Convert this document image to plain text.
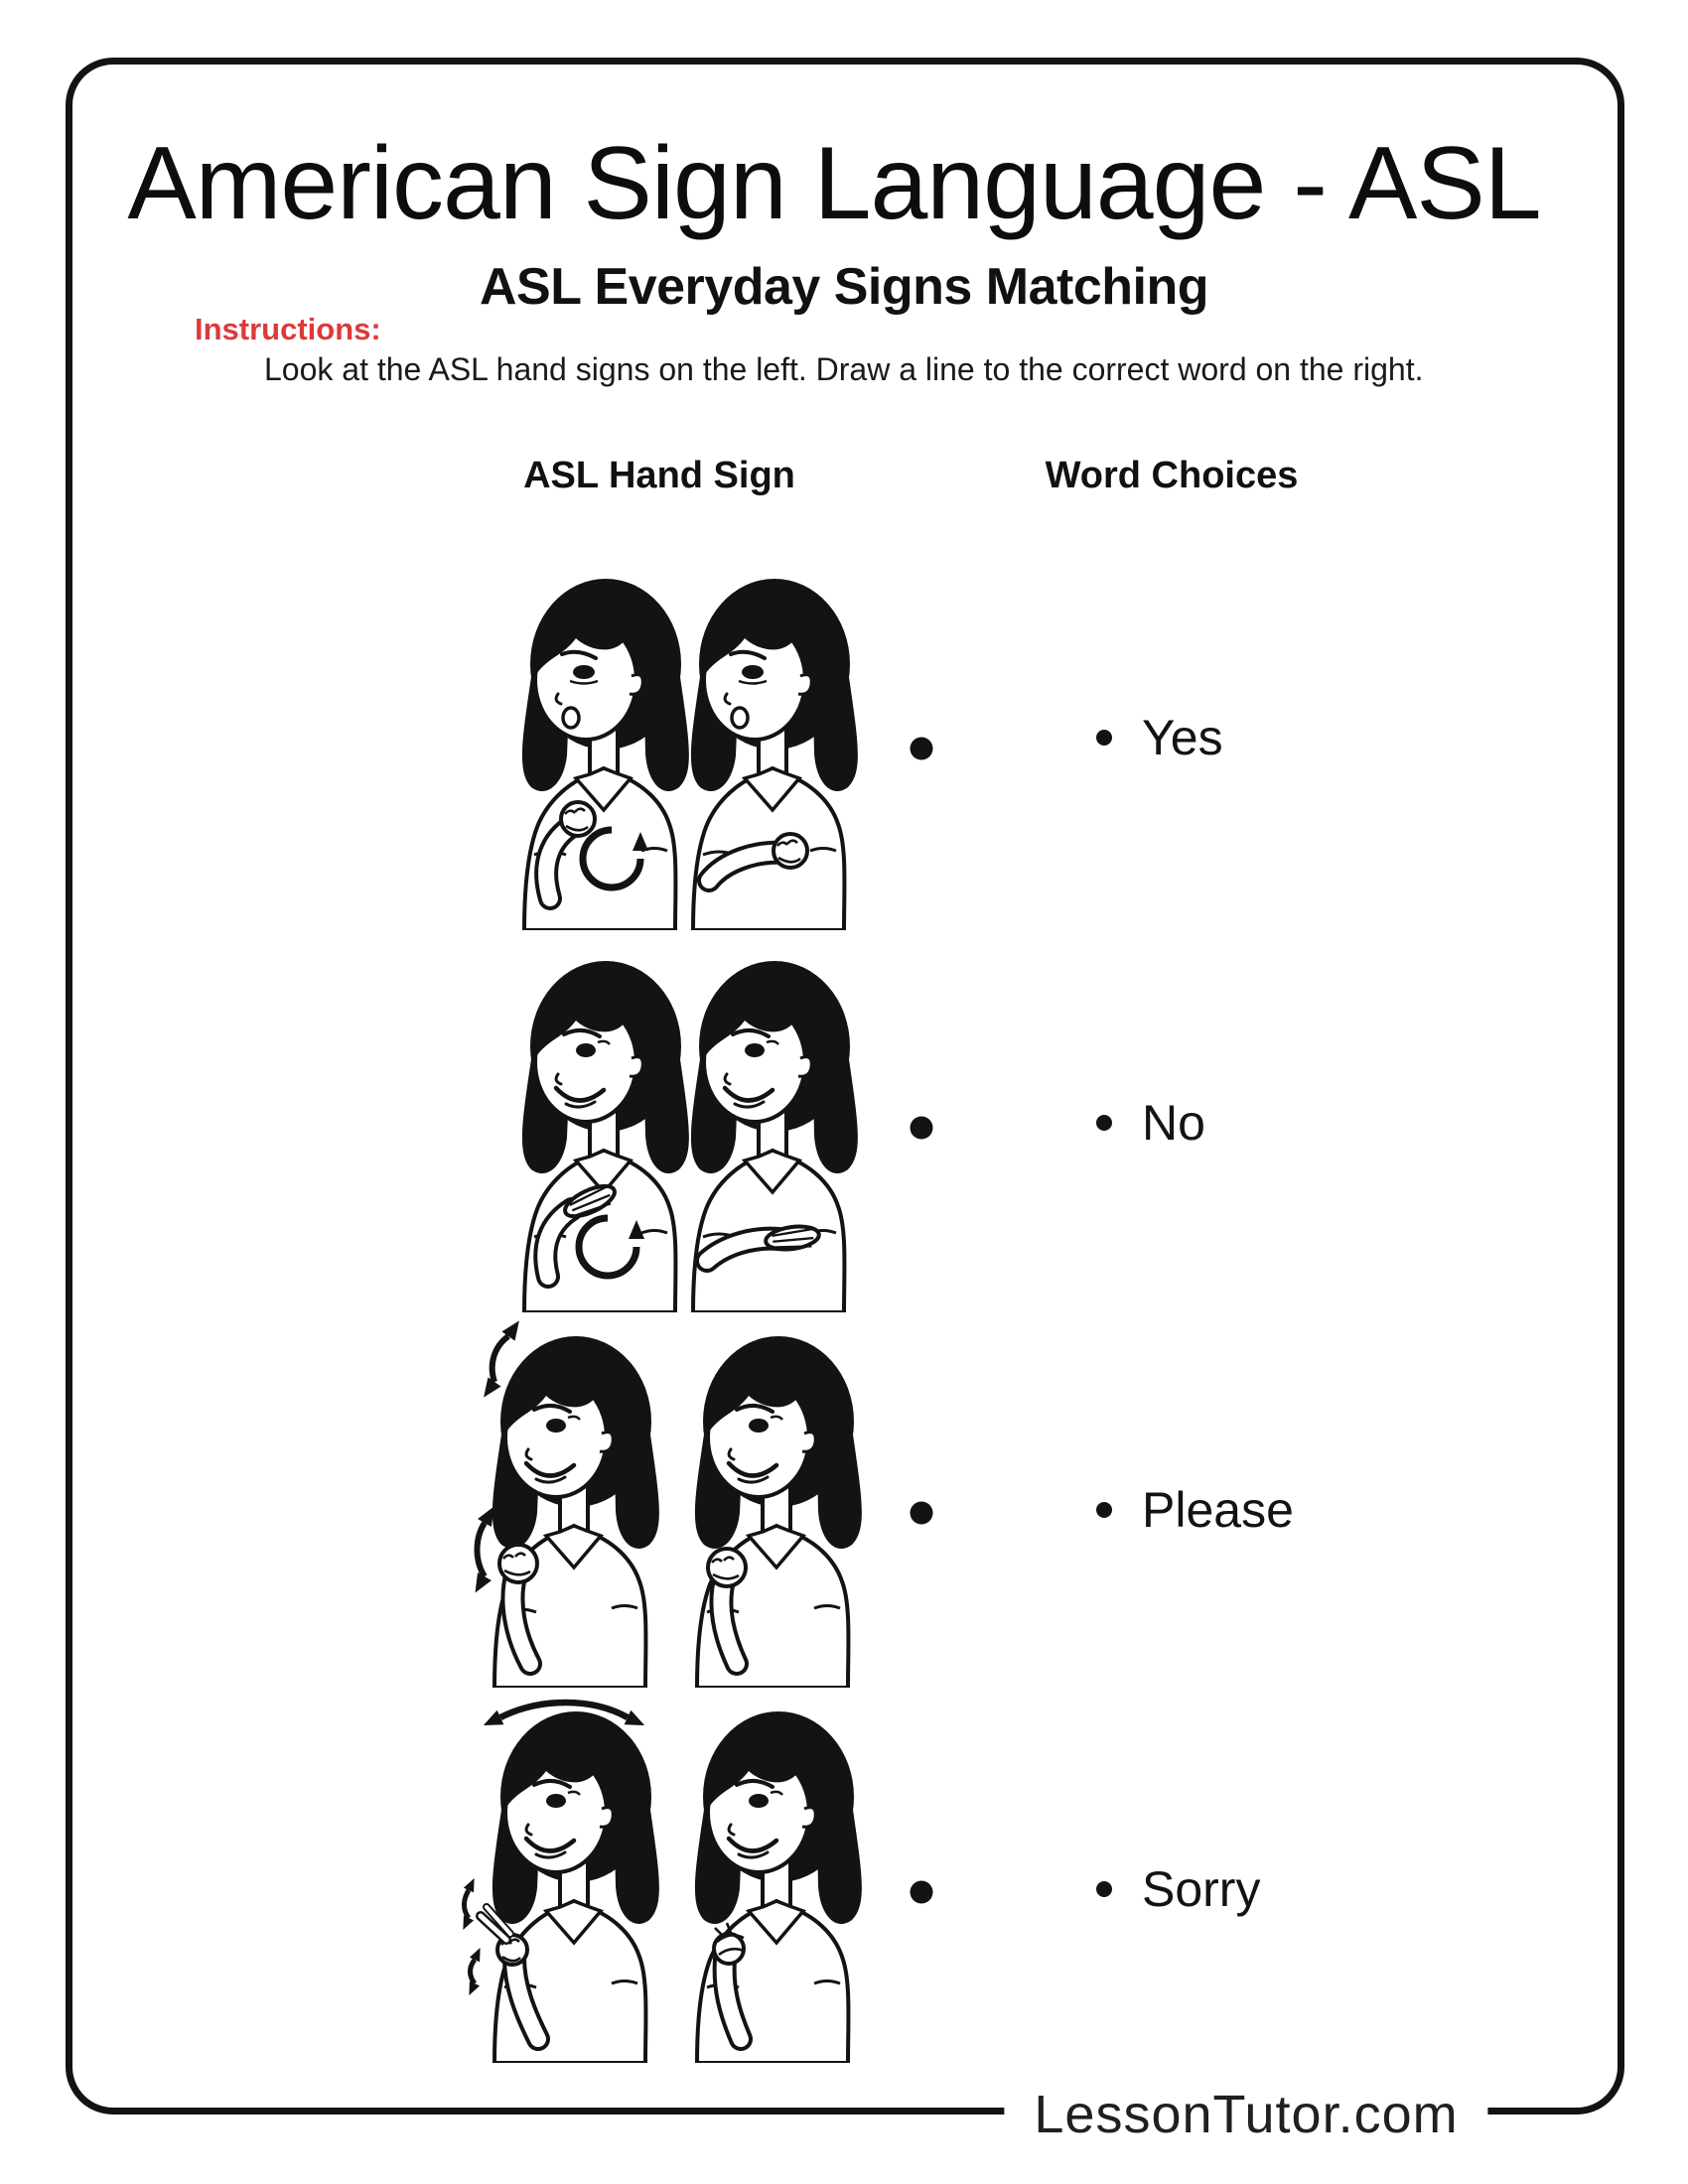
American Sign Language - ASL
ASL Everyday Signs Matching
Instructions:
Look at the ASL hand signs on the left. Draw a line to the correct word on the right.
ASL Hand Sign	Word Choices
Yes
No
Please
Sorry
LessonTutor.com
